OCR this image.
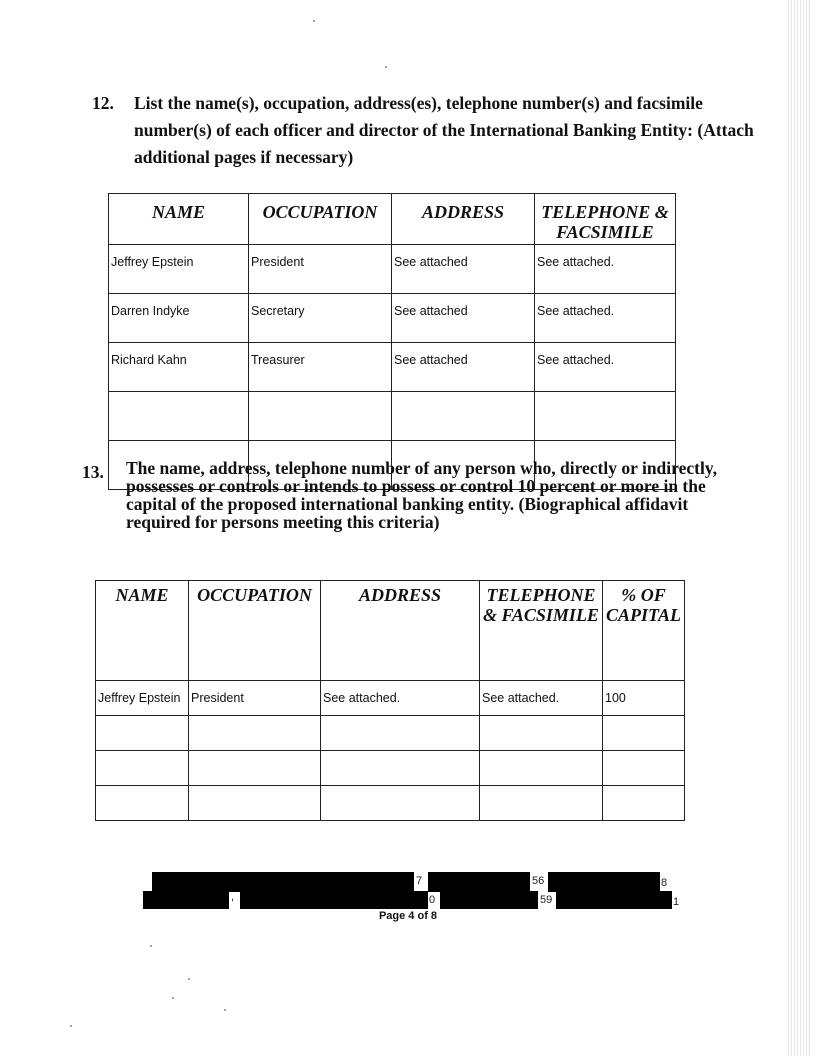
12. List the name(s), occupation, address(es), telephone number(s) and facsimile number(s) of each officer and director of the International Banking Entity: (Attach additional pages if necessary)
NAME	OCCUPATION	ADDRESS	TELEPHONE & FACSIMILE
Jeffrey Epstein	President	See attached	See attached.
Darren Indyke	Secretary	See attached	See attached.
Richard Kahn	Treasurer	See attached	See attached.

13. The name, address, telephone number of any person who, directly or indirectly, possesses or controls or intends to possess or control 10 percent or more in the capital of the proposed international banking entity. (Biographical affidavit required for persons meeting this criteria)
NAME	OCCUPATION	ADDRESS	TELEPHONE & FACSIMILE	% OF CAPITAL
Jeffrey Epstein	President	See attached.	See attached.	100

7	56	8
,	0	59	1
Page 4 of 8
